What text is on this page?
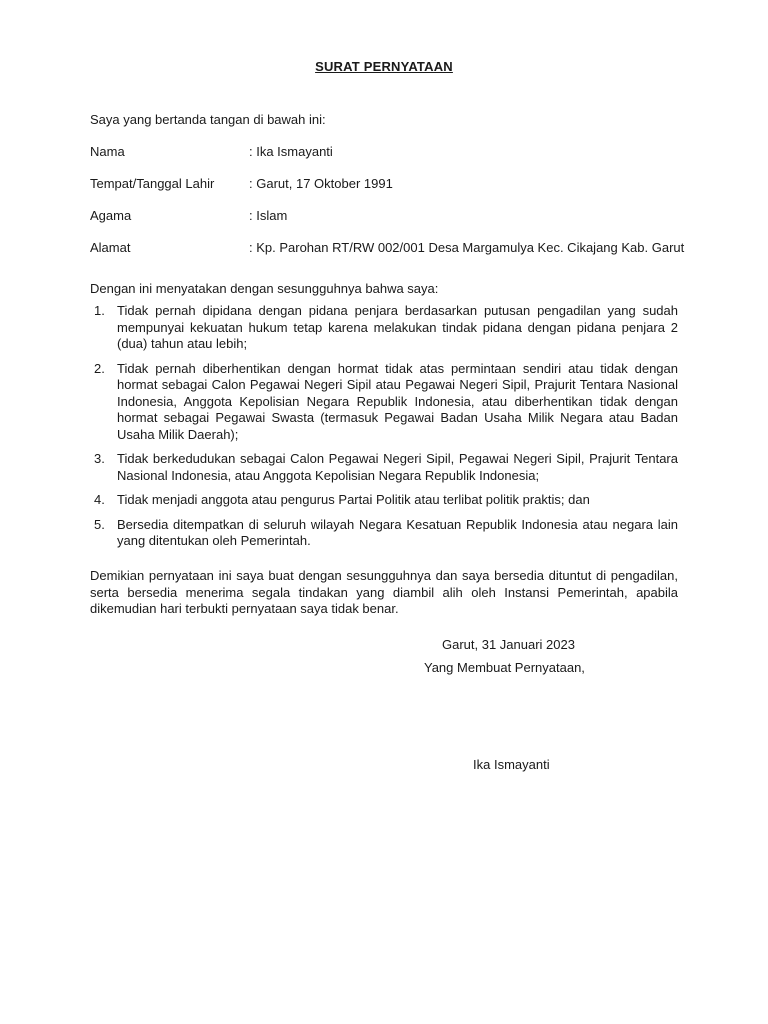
SURAT PERNYATAAN
Saya yang bertanda tangan di bawah ini:
Nama	: Ika Ismayanti
Tempat/Tanggal Lahir	: Garut, 17 Oktober 1991
Agama	: Islam
Alamat	: Kp. Parohan RT/RW 002/001 Desa Margamulya Kec. Cikajang Kab. Garut
Dengan ini menyatakan dengan sesungguhnya bahwa saya:
1. Tidak pernah dipidana dengan pidana penjara berdasarkan putusan pengadilan yang sudah mempunyai kekuatan hukum tetap karena melakukan tindak pidana dengan pidana penjara 2 (dua) tahun atau lebih;
2. Tidak pernah diberhentikan dengan hormat tidak atas permintaan sendiri atau tidak dengan hormat sebagai Calon Pegawai Negeri Sipil atau Pegawai Negeri Sipil, Prajurit Tentara Nasional Indonesia, Anggota Kepolisian Negara Republik Indonesia, atau diberhentikan tidak dengan hormat sebagai Pegawai Swasta (termasuk Pegawai Badan Usaha Milik Negara atau Badan Usaha Milik Daerah);
3. Tidak berkedudukan sebagai Calon Pegawai Negeri Sipil, Pegawai Negeri Sipil, Prajurit Tentara Nasional Indonesia, atau Anggota Kepolisian Negara Republik Indonesia;
4. Tidak menjadi anggota atau pengurus Partai Politik atau terlibat politik praktis; dan
5. Bersedia ditempatkan di seluruh wilayah Negara Kesatuan Republik Indonesia atau negara lain yang ditentukan oleh Pemerintah.
Demikian pernyataan ini saya buat dengan sesungguhnya dan saya bersedia dituntut di pengadilan, serta bersedia menerima segala tindakan yang diambil alih oleh Instansi Pemerintah, apabila dikemudian hari terbukti pernyataan saya tidak benar.
Garut, 31 Januari 2023
Yang Membuat Pernyataan,
Ika Ismayanti
